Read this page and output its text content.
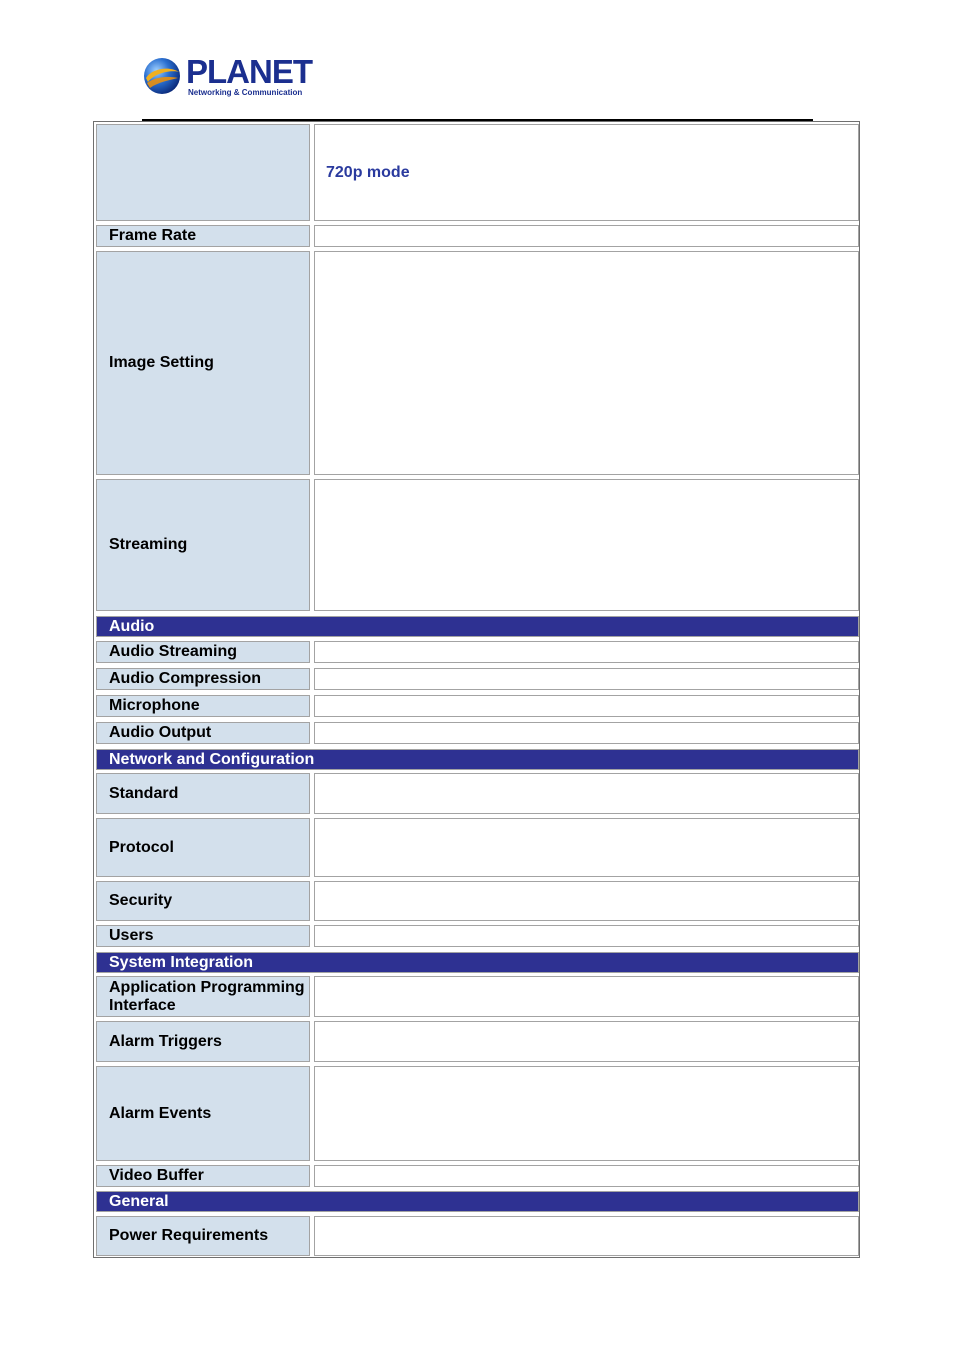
PLANET
Networking & Communication
720p mode
Frame Rate
Image Setting
Streaming
Audio
Audio Streaming
Audio Compression
Microphone
Audio Output
Network and Configuration
Standard
Protocol
Security
Users
System Integration
Application Programming Interface
Alarm Triggers
Alarm Events
Video Buffer
General
Power Requirements
